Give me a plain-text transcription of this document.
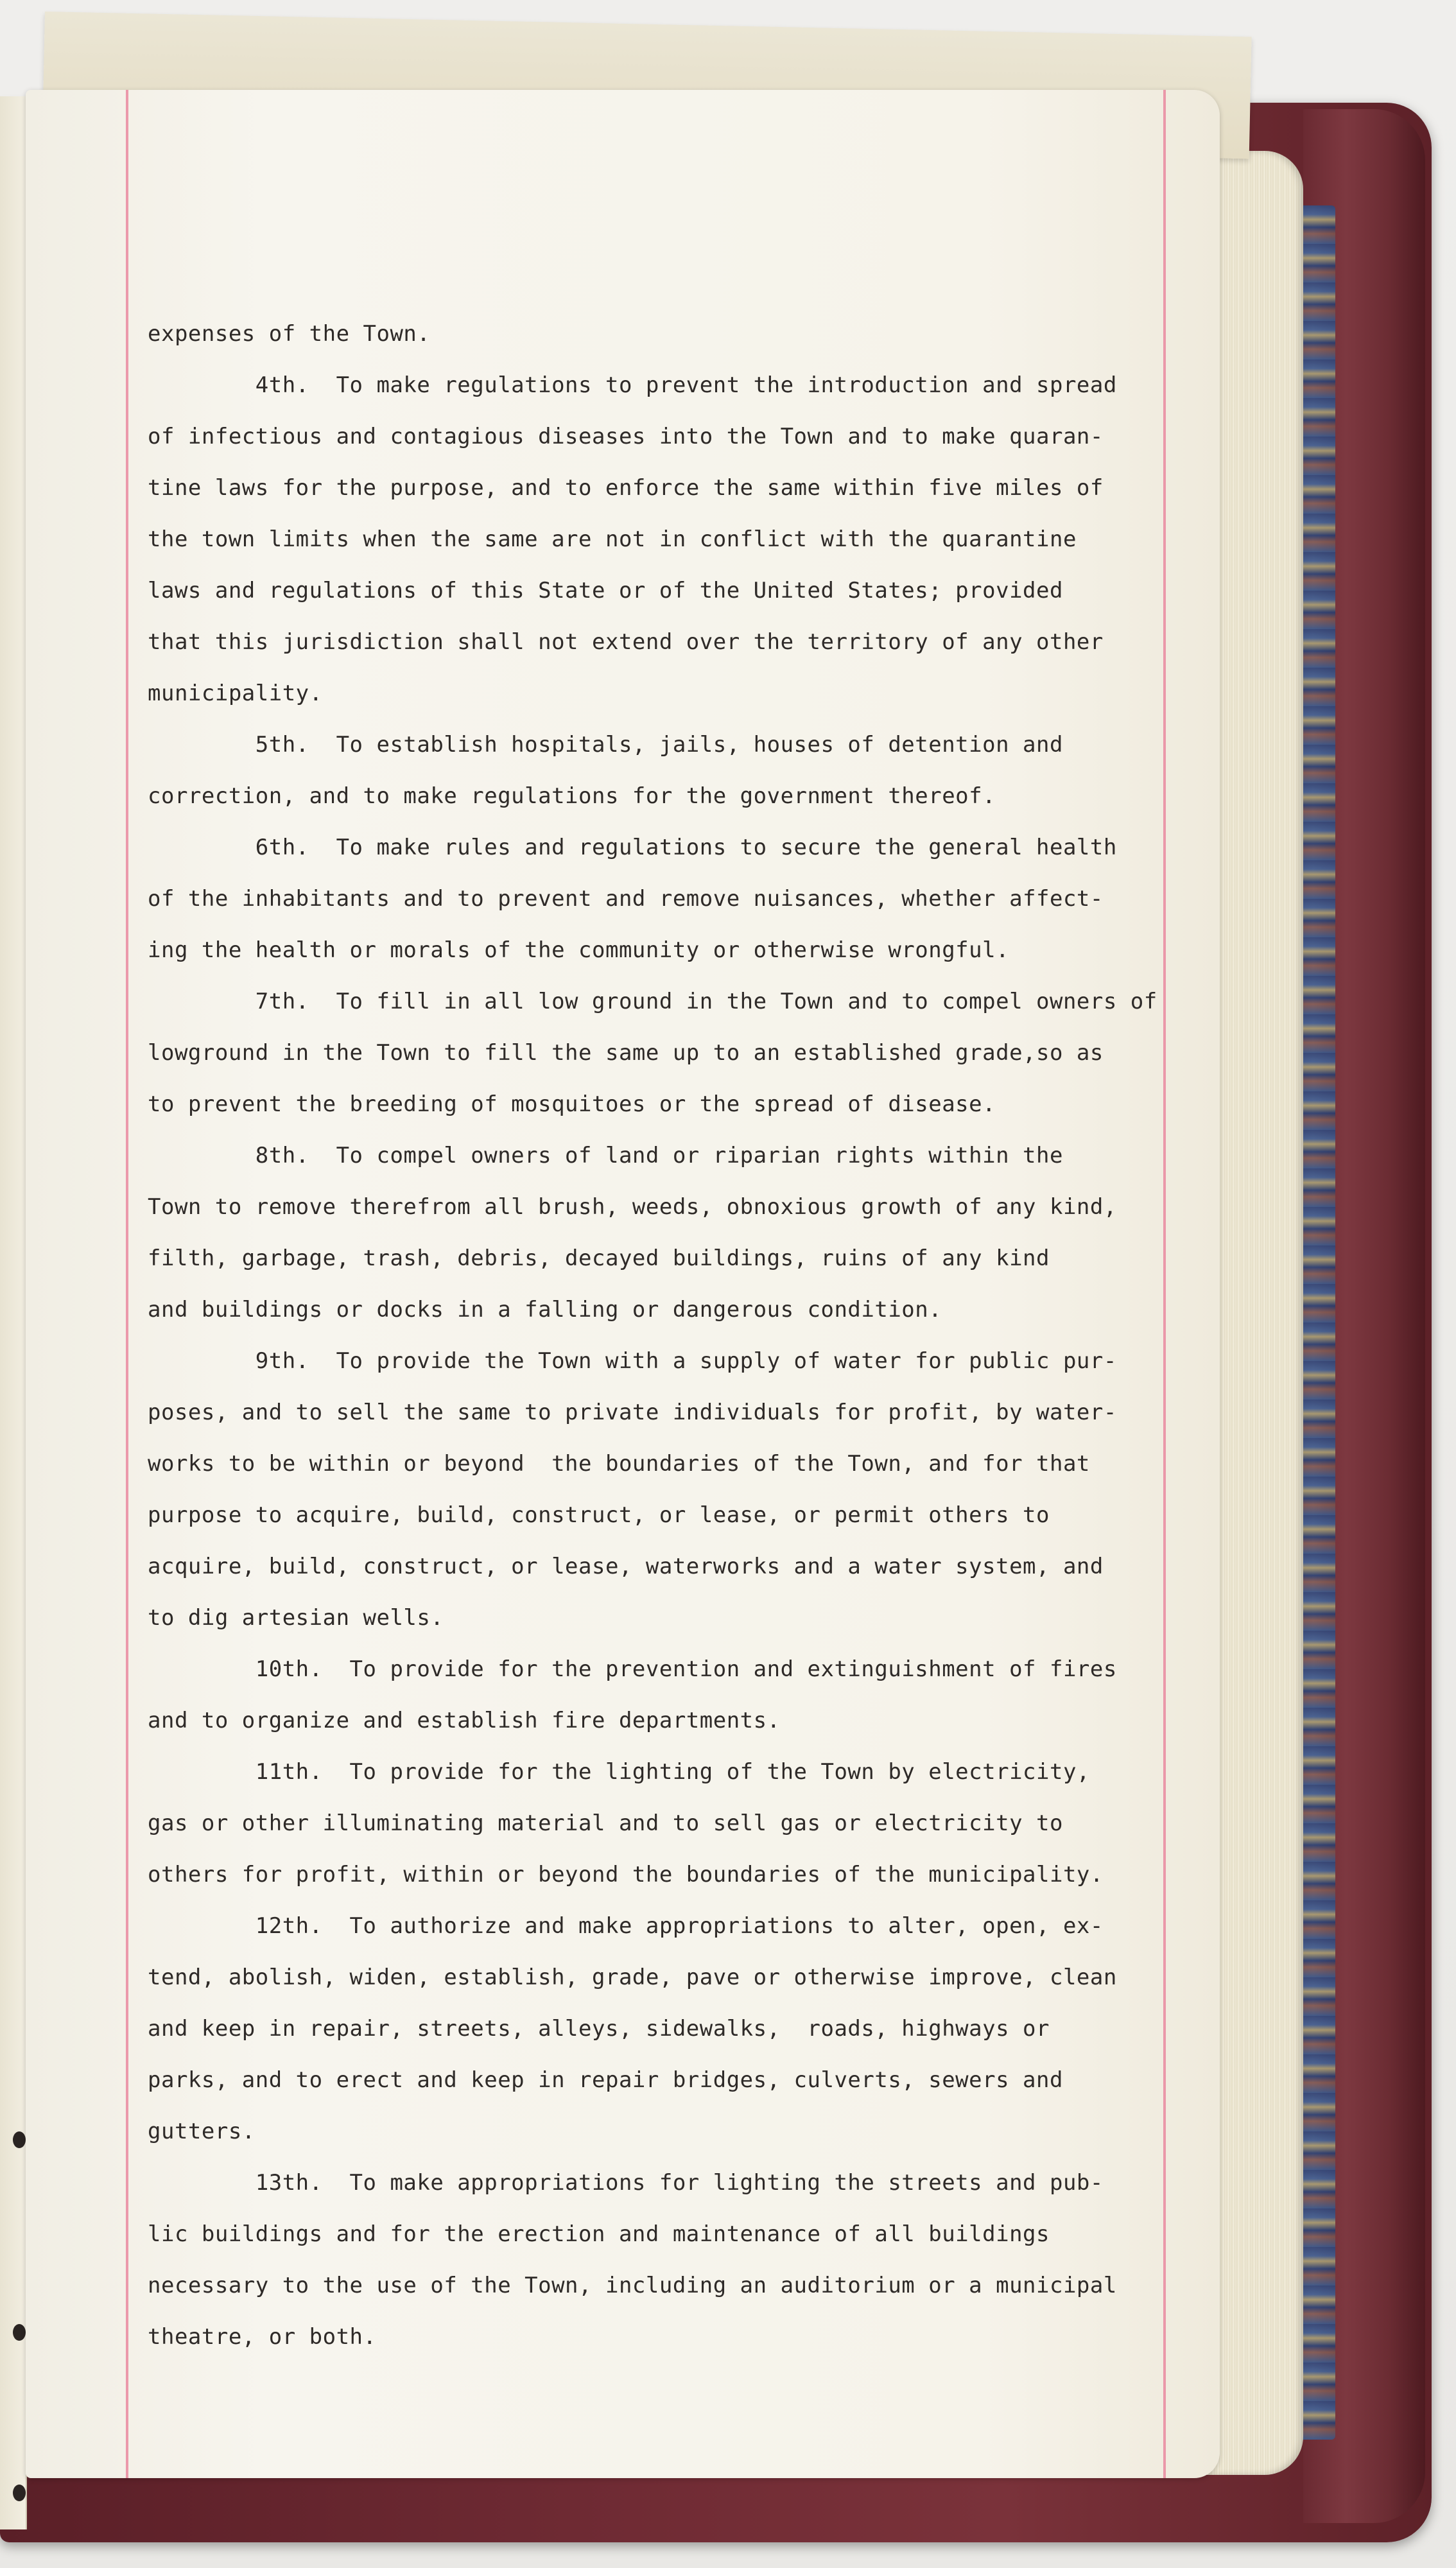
expenses of the Town.
4th.  To make regulations to prevent the introduction and spread
of infectious and contagious diseases into the Town and to make quaran-
tine laws for the purpose, and to enforce the same within five miles of
the town limits when the same are not in conflict with the quarantine
laws and regulations of this State or of the United States; provided
that this jurisdiction shall not extend over the territory of any other
municipality.
5th.  To establish hospitals, jails, houses of detention and
correction, and to make regulations for the government thereof.
6th.  To make rules and regulations to secure the general health
of the inhabitants and to prevent and remove nuisances, whether affect-
ing the health or morals of the community or otherwise wrongful.
7th.  To fill in all low ground in the Town and to compel owners of
lowground in the Town to fill the same up to an established grade,so as
to prevent the breeding of mosquitoes or the spread of disease.
8th.  To compel owners of land or riparian rights within the
Town to remove therefrom all brush, weeds, obnoxious growth of any kind,
filth, garbage, trash, debris, decayed buildings, ruins of any kind
and buildings or docks in a falling or dangerous condition.
9th.  To provide the Town with a supply of water for public pur-
poses, and to sell the same to private individuals for profit, by water-
works to be within or beyond  the boundaries of the Town, and for that
purpose to acquire, build, construct, or lease, or permit others to
acquire, build, construct, or lease, waterworks and a water system, and
to dig artesian wells.
10th.  To provide for the prevention and extinguishment of fires
and to organize and establish fire departments.
11th.  To provide for the lighting of the Town by electricity,
gas or other illuminating material and to sell gas or electricity to
others for profit, within or beyond the boundaries of the municipality.
12th.  To authorize and make appropriations to alter, open, ex-
tend, abolish, widen, establish, grade, pave or otherwise improve, clean
and keep in repair, streets, alleys, sidewalks,  roads, highways or
parks, and to erect and keep in repair bridges, culverts, sewers and
gutters.
13th.  To make appropriations for lighting the streets and pub-
lic buildings and for the erection and maintenance of all buildings
necessary to the use of the Town, including an auditorium or a municipal
theatre, or both.
